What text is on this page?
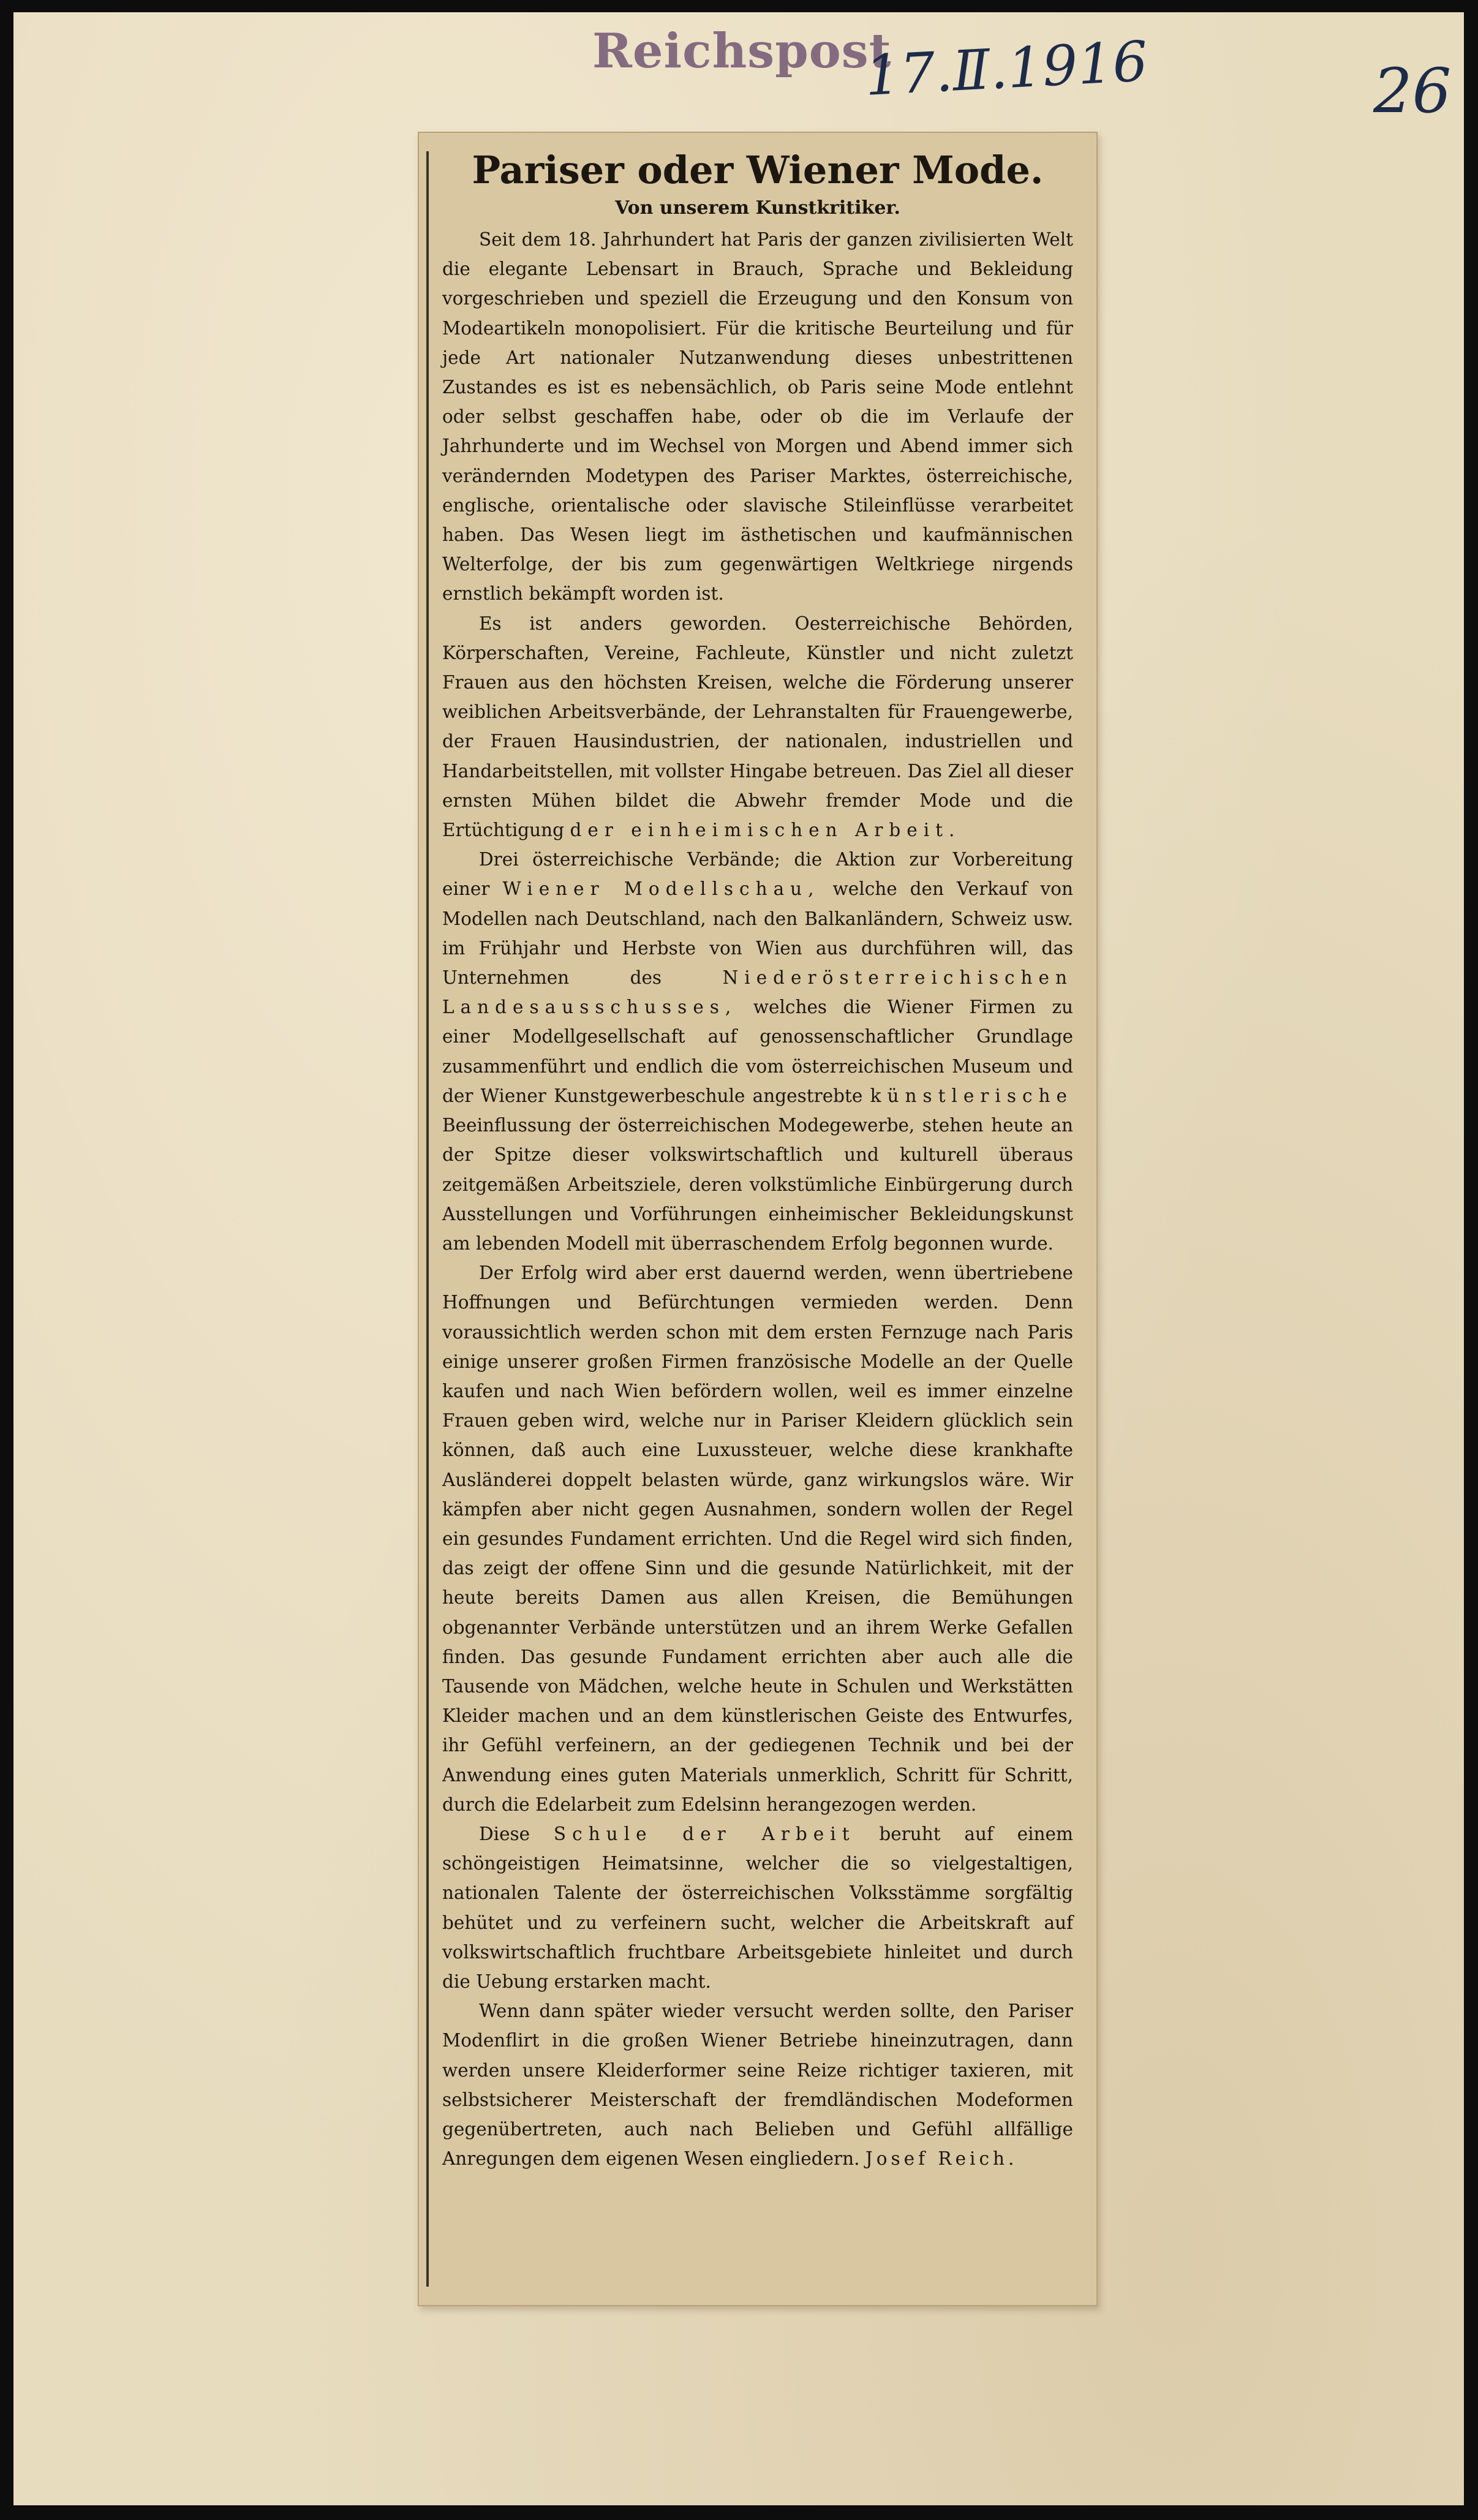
Reichspost
17.Ⅱ.1916	26
Pariser oder Wiener Mode.
Von unserem Kunstkritiker.

Seit dem 18. Jahrhundert hat Paris der ganzen zivilisierten Welt die elegante Lebensart in Brauch, Sprache und Bekleidung vorgeschrieben und speziell die Erzeugung und den Konsum von Modeartikeln monopolisiert. Für die kritische Beurteilung und für jede Art nationaler Nutzanwendung dieses unbestrittenen Zustandes es ist es nebensächlich, ob Paris seine Mode entlehnt oder selbst geschaffen habe, oder ob die im Verlaufe der Jahrhunderte und im Wechsel von Morgen und Abend immer sich verändernden Modetypen des Pariser Marktes, österreichische, englische, orientalische oder slavische Stileinflüsse verarbeitet haben. Das Wesen liegt im ästhetischen und kaufmännischen Welterfolge, der bis zum gegenwärtigen Weltkriege nirgends ernstlich bekämpft worden ist.

Es ist anders geworden. Oesterreichische Behörden, Körperschaften, Vereine, Fachleute, Künstler und nicht zuletzt Frauen aus den höchsten Kreisen, welche die Förderung unserer weiblichen Arbeitsverbände, der Lehranstalten für Frauengewerbe, der Frauen Hausindustrien, der nationalen, industriellen und Handarbeitstellen, mit vollster Hingabe betreuen. Das Ziel all dieser ernsten Mühen bildet die Abwehr fremder Mode und die Ertüchtigung der einheimischen Arbeit.

Drei österreichische Verbände; die Aktion zur Vorbereitung einer Wiener Modellschau, welche den Verkauf von Modellen nach Deutschland, nach den Balkanländern, Schweiz usw. im Frühjahr und Herbste von Wien aus durchführen will, das Unternehmen des	Niederösterreichischen Landesausschusses, welches die Wiener Firmen zu einer Modellgesellschaft auf genossenschaftlicher Grundlage zusammenführt und endlich die vom österreichischen Museum und der Wiener Kunstgewerbeschule angestrebte künstlerische Beeinflussung der österreichischen Modegewerbe, stehen heute an der Spitze dieser volkswirtschaftlich und kulturell überaus zeitgemäßen Arbeitsziele, deren volkstümliche Einbürgerung durch Ausstellungen und Vorführungen einheimischer Bekleidungskunst am lebenden Modell mit überraschendem Erfolg begonnen wurde.

Der Erfolg wird aber erst dauernd werden, wenn übertriebene Hoffnungen und Befürchtungen vermieden werden. Denn voraussichtlich werden schon mit dem ersten Fernzuge nach Paris einige unserer großen Firmen französische Modelle an der Quelle kaufen und nach Wien befördern wollen, weil es immer einzelne Frauen geben wird, welche nur in Pariser Kleidern glücklich sein können, daß auch eine Luxussteuer, welche diese krankhafte Ausländerei doppelt belasten würde, ganz wirkungslos wäre. Wir kämpfen aber nicht gegen Ausnahmen, sondern wollen der Regel ein gesundes Fundament errichten. Und die Regel wird sich finden, das zeigt der offene Sinn und die gesunde Natürlichkeit, mit der heute bereits Damen aus allen Kreisen, die Bemühungen obgenannter Verbände unterstützen und an ihrem Werke Gefallen finden. Das gesunde Fundament errichten aber auch alle die Tausende von Mädchen, welche heute in Schulen und Werkstätten Kleider machen und an dem künstlerischen Geiste des Entwurfes, ihr Gefühl verfeinern, an der gediegenen Technik und bei der Anwendung eines guten Materials unmerklich, Schritt für Schritt, durch die Edelarbeit zum Edelsinn herangezogen werden.

Diese Schule der Arbeit beruht auf einem schöngeistigen Heimatsinne, welcher die so vielgestaltigen, nationalen Talente der österreichischen Volksstämme sorgfältig behütet und zu verfeinern sucht, welcher die Arbeitskraft auf volkswirtschaftlich fruchtbare Arbeitsgebiete hinleitet und durch die Uebung erstarken macht.

Wenn dann später wieder versucht werden sollte, den Pariser Modenflirt in die großen Wiener Betriebe hineinzutragen, dann werden unsere Kleiderformer seine Reize richtiger taxieren, mit selbstsicherer Meisterschaft der fremdländischen Modeformen gegenübertreten, auch nach Belieben und Gefühl allfällige Anregungen dem eigenen Wesen eingliedern. Josef Reich.
